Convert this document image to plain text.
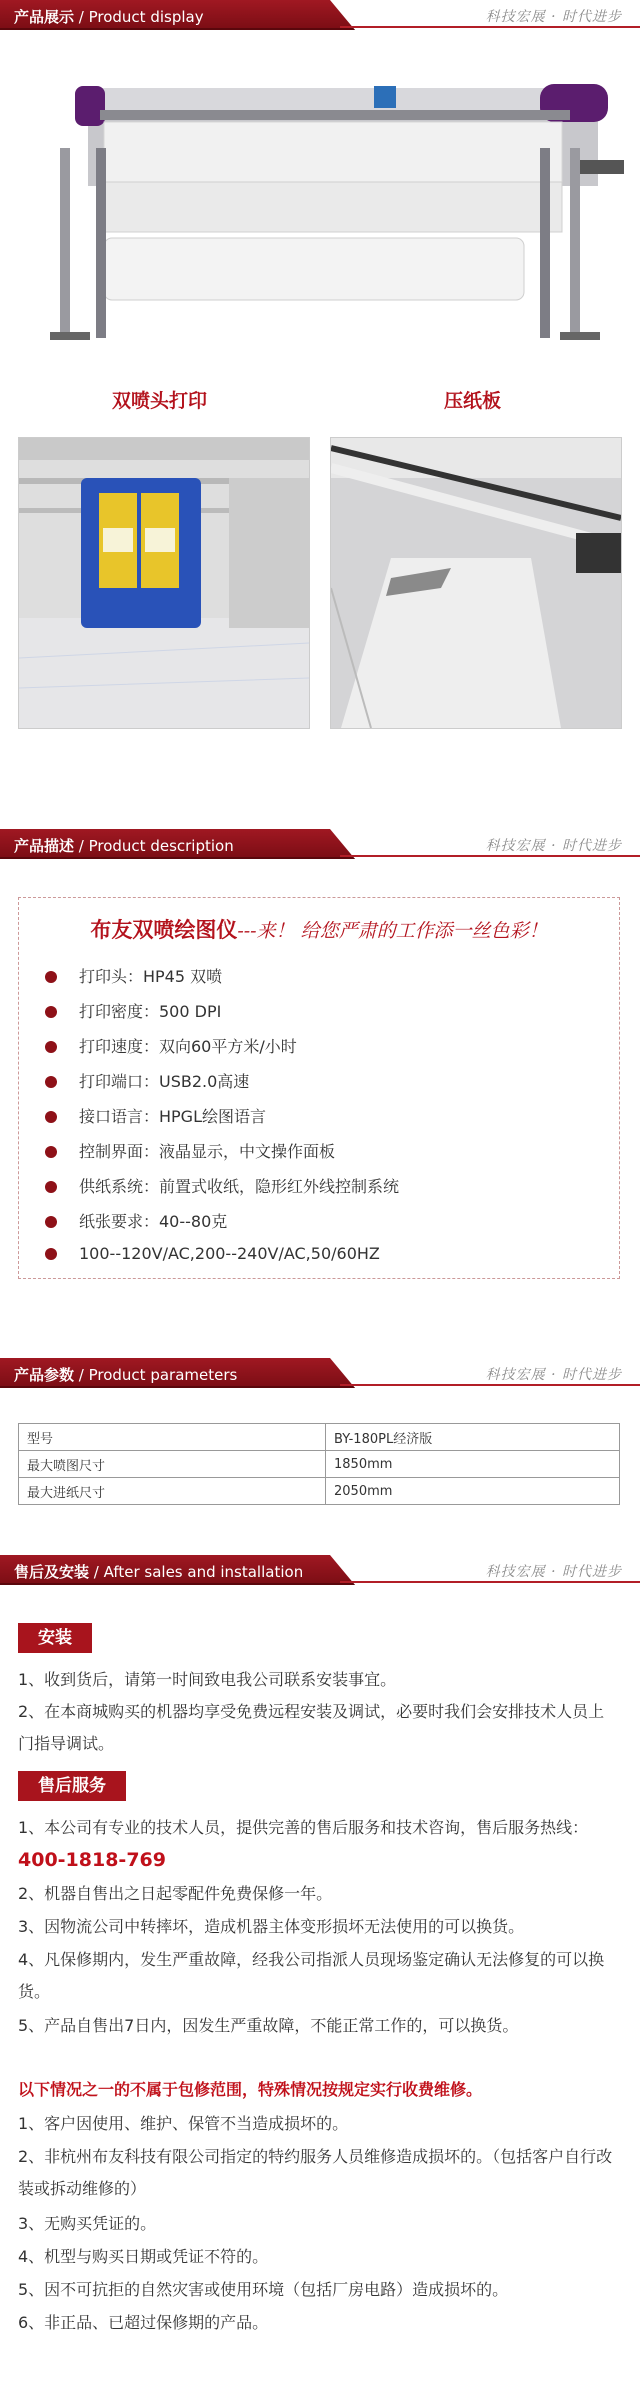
产品展示 / Product display	科技宏展 · 时代进步
双喷头打印	压纸板
产品描述 / Product description	科技宏展 · 时代进步
布友双喷绘图仪---来！ 给您严肃的工作添一丝色彩！
打印头：HP45 双喷
打印密度：500 DPI
打印速度：双向60平方米/小时
打印端口：USB2.0高速
接口语言：HPGL绘图语言
控制界面：液晶显示，中文操作面板
供纸系统：前置式收纸，隐形红外线控制系统
纸张要求：40--80克
100--120V/AC,200--240V/AC,50/60HZ
产品参数 / Product parameters	科技宏展 · 时代进步
型号	BY-180PL经济版
最大喷图尺寸	1850mm
最大进纸尺寸	2050mm
售后及安装 / After sales and installation	科技宏展 · 时代进步
安装
1、收到货后，请第一时间致电我公司联系安装事宜。
2、在本商城购买的机器均享受免费远程安装及调试，必要时我们会安排技术人员上门指导调试。
售后服务
1、本公司有专业的技术人员，提供完善的售后服务和技术咨询，售后服务热线：400-1818-769
2、机器自售出之日起零配件免费保修一年。
3、因物流公司中转摔坏，造成机器主体变形损坏无法使用的可以换货。
4、凡保修期内，发生严重故障，经我公司指派人员现场鉴定确认无法修复的可以换货。
5、产品自售出7日内，因发生严重故障，不能正常工作的，可以换货。
以下情况之一的不属于包修范围，特殊情况按规定实行收费维修。
1、客户因使用、维护、保管不当造成损坏的。
2、非杭州布友科技有限公司指定的特约服务人员维修造成损坏的。（包括客户自行改装或拆动维修的）
3、无购买凭证的。
4、机型与购买日期或凭证不符的。
5、因不可抗拒的自然灾害或使用环境（包括厂房电路）造成损坏的。
6、非正品、已超过保修期的产品。
